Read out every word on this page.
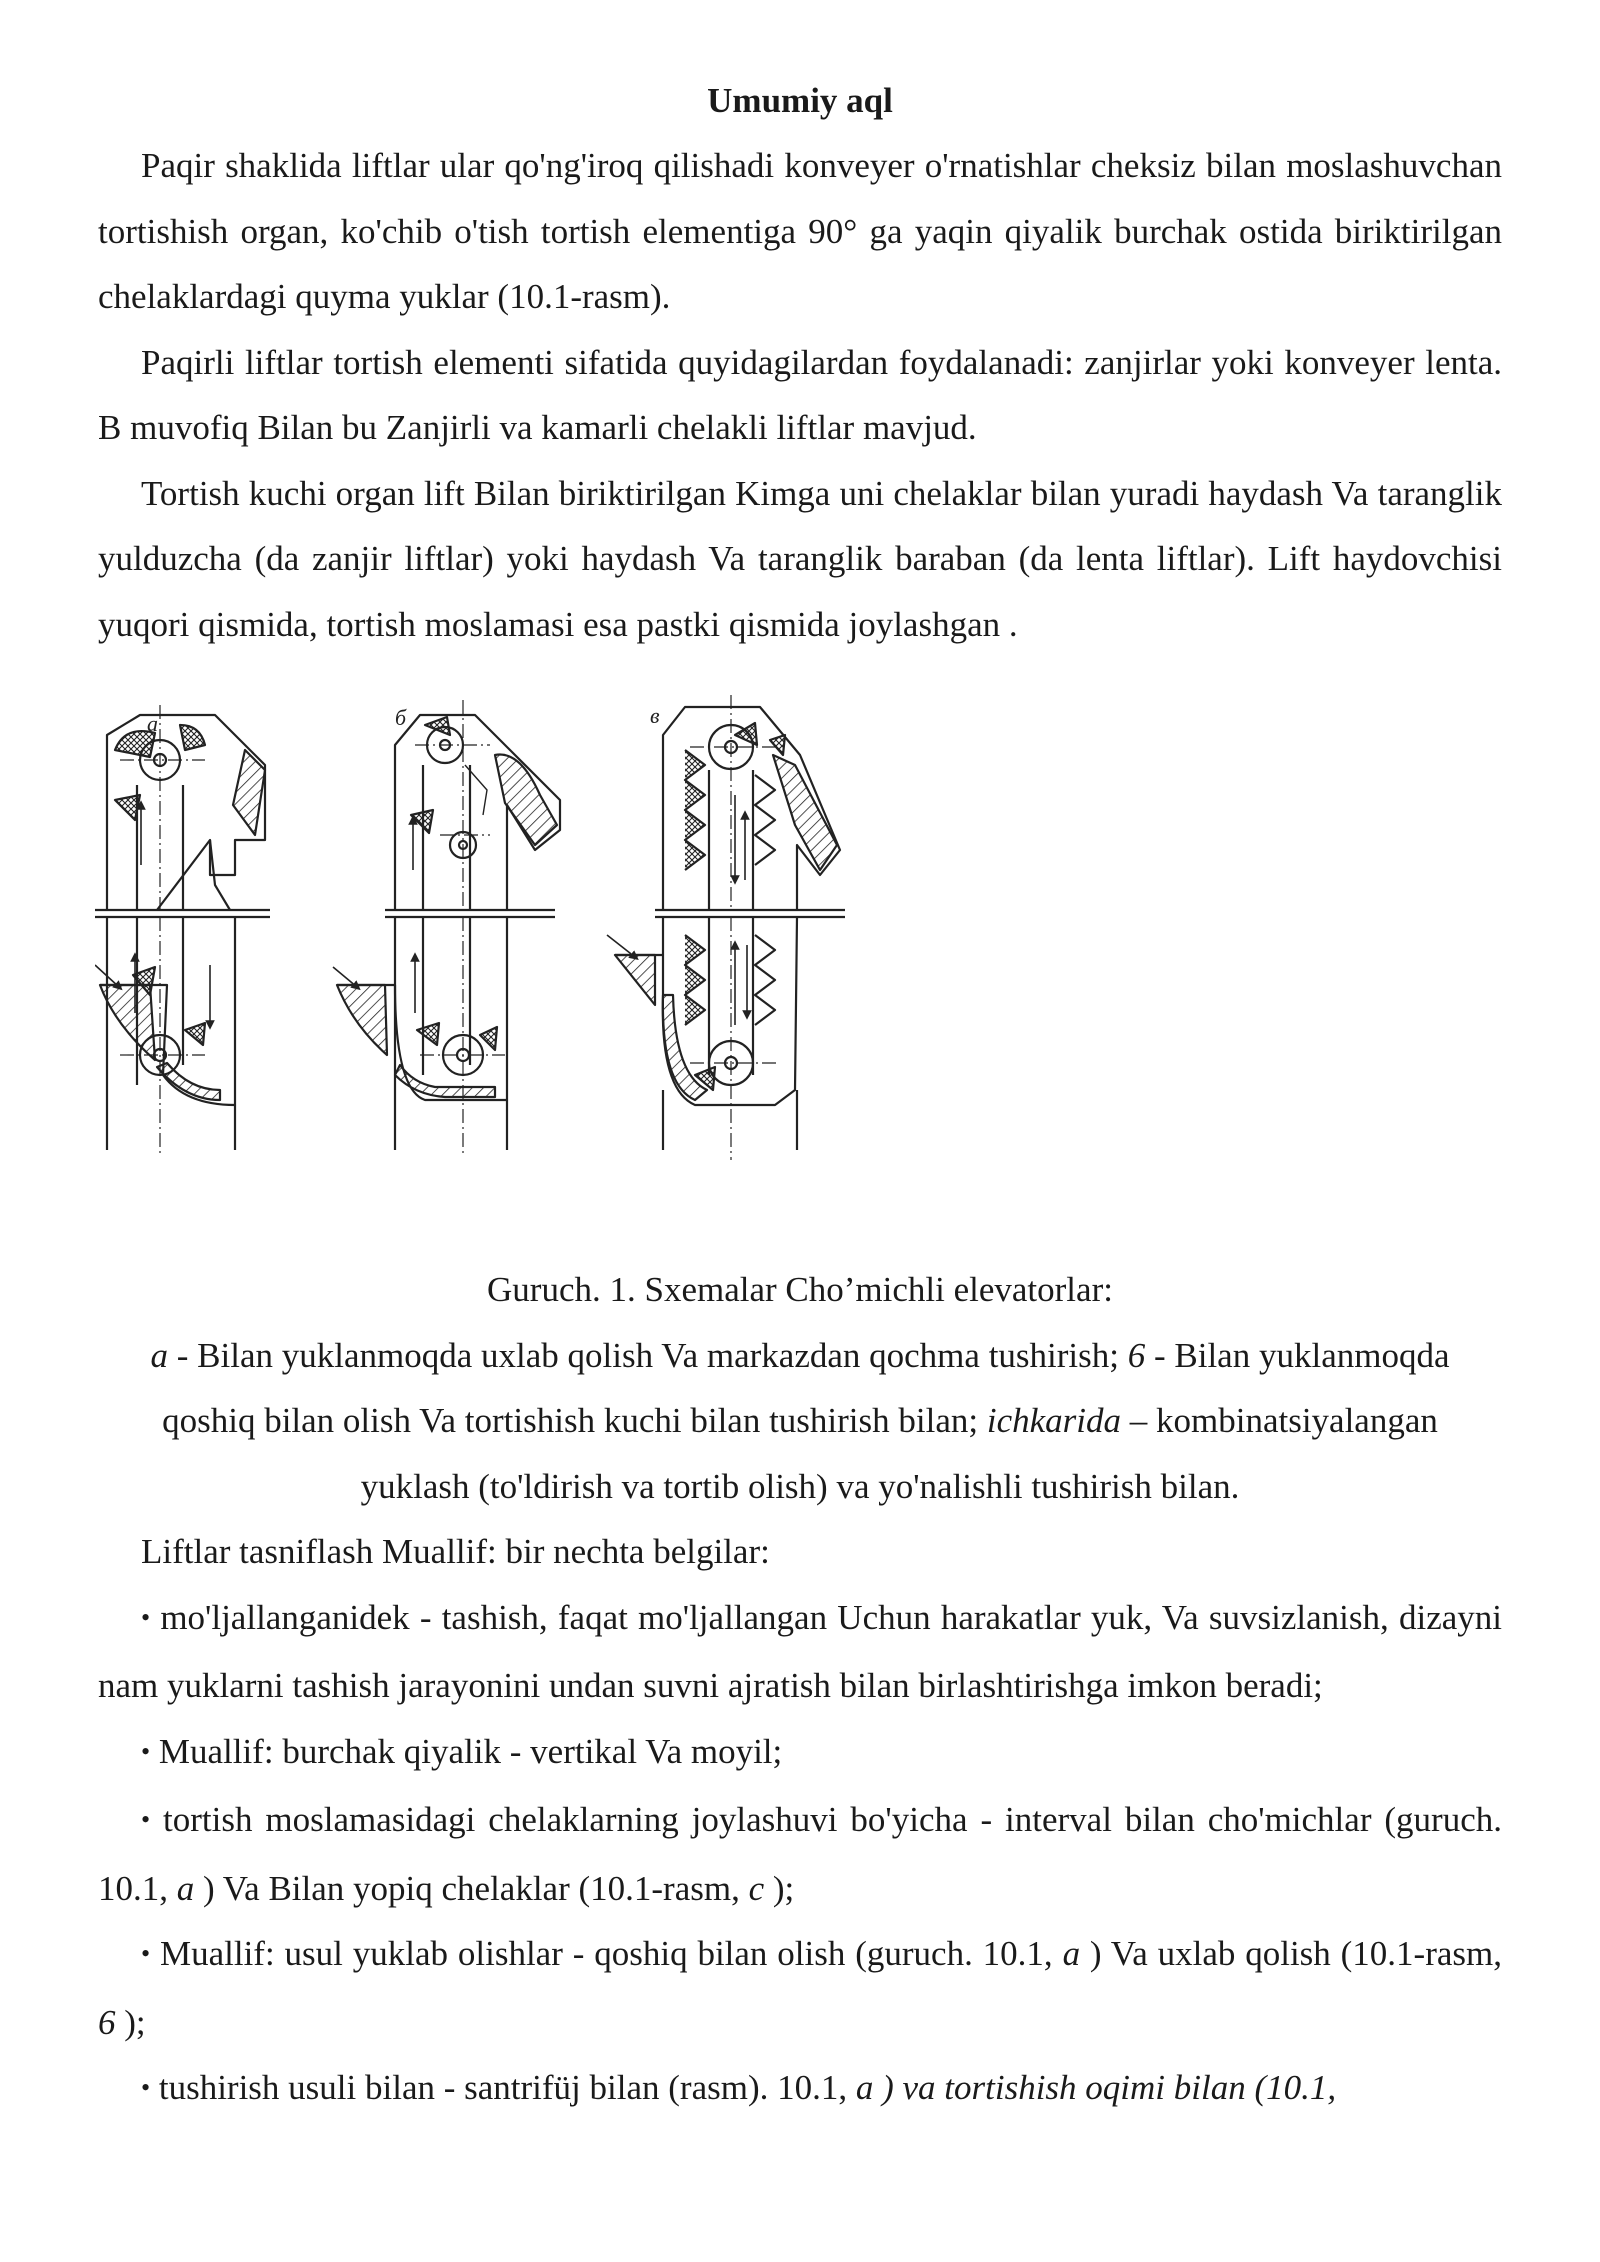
Umumiy aql

Paqir shaklida liftlar ular qo'ng'iroq qilishadi konveyer o'rnatishlar cheksiz bilan moslashuvchan tortishish organ, ko'chib o'tish tortish elementiga 90° ga yaqin qiyalik burchak ostida biriktirilgan chelaklardagi quyma yuklar (10.1-rasm).

Paqirli liftlar tortish elementi sifatida quyidagilardan foydalanadi: zanjirlar yoki konveyer lenta. B muvofiq Bilan bu Zanjirli va kamarli chelakli liftlar mavjud.

Tortish kuchi organ lift Bilan biriktirilgan Kimga uni chelaklar bilan yuradi haydash Va taranglik yulduzcha (da zanjir liftlar) yoki haydash Va taranglik baraban (da lenta liftlar). Lift haydovchisi yuqori qismida, tortish moslamasi esa pastki qismida joylashgan .

а	б	в

Guruch. 1. Sxemalar Cho’michli elevatorlar:

a - Bilan yuklanmoqda uxlab qolish Va markazdan qochma tushirish; 6 - Bilan yuklanmoqda qoshiq bilan olish Va tortishish kuchi bilan tushirish bilan; ichkarida – kombinatsiyalangan yuklash (to'ldirish va tortib olish) va yo'nalishli tushirish bilan.

Liftlar tasniflash Muallif: bir nechta belgilar:

• mo'ljallanganidek - tashish, faqat mo'ljallangan Uchun harakatlar yuk, Va suvsizlanish, dizayni nam yuklarni tashish jarayonini undan suvni ajratish bilan birlashtirishga imkon beradi;

• Muallif: burchak qiyalik - vertikal Va moyil;

• tortish moslamasidagi chelaklarning joylashuvi bo'yicha - interval bilan cho'michlar (guruch. 10.1, a ) Va Bilan yopiq chelaklar (10.1-rasm, c );

• Muallif: usul yuklab olishlar - qoshiq bilan olish (guruch. 10.1, a ) Va uxlab qolish (10.1-rasm, 6 );

• tushirish usuli bilan - santrifüj bilan (rasm). 10.1, a ) va tortishish oqimi bilan (10.1,
